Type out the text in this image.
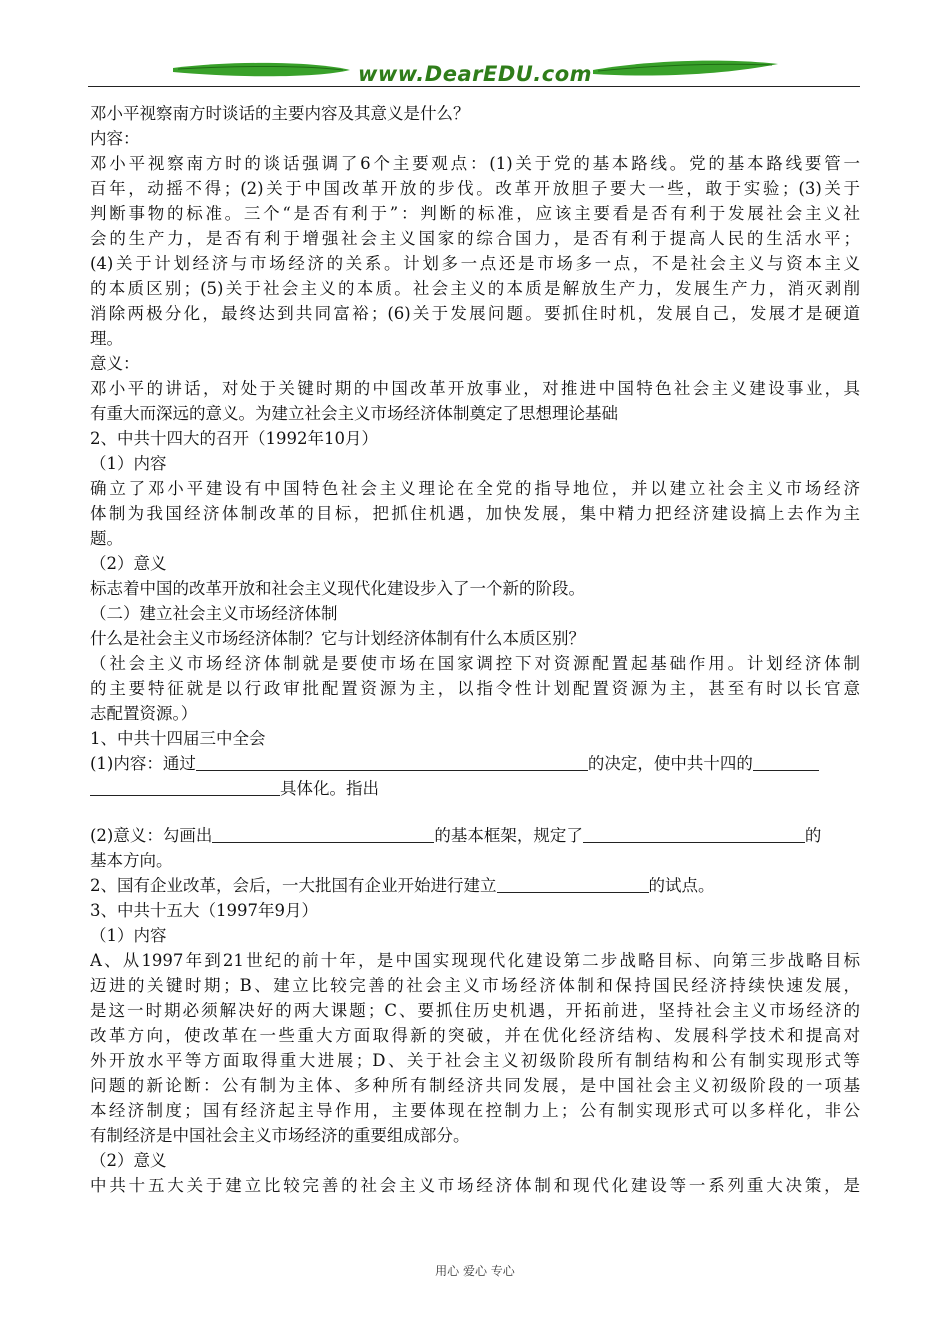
www.DearEDU.com
邓小平视察南方时谈话的主要内容及其意义是什么？
内容：
邓小平视察南方时的谈话强调了6个主要观点：(1)关于党的基本路线。党的基本路线要管一
百年，动摇不得；(2)关于中国改革开放的步伐。改革开放胆子要大一些，敢于实验；(3)关于
判断事物的标准。三个“是否有利于”：判断的标准，应该主要看是否有利于发展社会主义社
会的生产力，是否有利于增强社会主义国家的综合国力，是否有利于提高人民的生活水平；
(4)关于计划经济与市场经济的关系。计划多一点还是市场多一点，不是社会主义与资本主义
的本质区别；(5)关于社会主义的本质。社会主义的本质是解放生产力，发展生产力，消灭剥削
消除两极分化，最终达到共同富裕；(6)关于发展问题。要抓住时机，发展自己，发展才是硬道
理。
意义：
邓小平的讲话，对处于关键时期的中国改革开放事业，对推进中国特色社会主义建设事业，具
有重大而深远的意义。为建立社会主义市场经济体制奠定了思想理论基础
2、中共十四大的召开（1992年10月）
（1）内容
确立了邓小平建设有中国特色社会主义理论在全党的指导地位，并以建立社会主义市场经济
体制为我国经济体制改革的目标，把抓住机遇，加快发展，集中精力把经济建设搞上去作为主
题。
（2）意义
标志着中国的改革开放和社会主义现代化建设步入了一个新的阶段。
（二）建立社会主义市场经济体制
什么是社会主义市场经济体制？它与计划经济体制有什么本质区别？
（社会主义市场经济体制就是要使市场在国家调控下对资源配置起基础作用。计划经济体制
的主要特征就是以行政审批配置资源为主，以指令性计划配置资源为主，甚至有时以长官意
志配置资源。）
1、中共十四届三中全会
(1)内容：通过	的决定，使中共十四的
具体化。指出
(2)意义：勾画出	的基本框架，规定了	的
基本方向。
2、国有企业改革，会后，一大批国有企业开始进行建立	的试点。
3、中共十五大（1997年9月）
（1）内容
A、从1997年到21世纪的前十年，是中国实现现代化建设第二步战略目标、向第三步战略目标
迈进的关键时期；B、建立比较完善的社会主义市场经济体制和保持国民经济持续快速发展，
是这一时期必须解决好的两大课题；C、要抓住历史机遇，开拓前进，坚持社会主义市场经济的
改革方向，使改革在一些重大方面取得新的突破，并在优化经济结构、发展科学技术和提高对
外开放水平等方面取得重大进展；D、关于社会主义初级阶段所有制结构和公有制实现形式等
问题的新论断：公有制为主体、多种所有制经济共同发展，是中国社会主义初级阶段的一项基
本经济制度；国有经济起主导作用，主要体现在控制力上；公有制实现形式可以多样化，非公
有制经济是中国社会主义市场经济的重要组成部分。
（2）意义
中共十五大关于建立比较完善的社会主义市场经济体制和现代化建设等一系列重大决策，是
用心 爱心 专心
